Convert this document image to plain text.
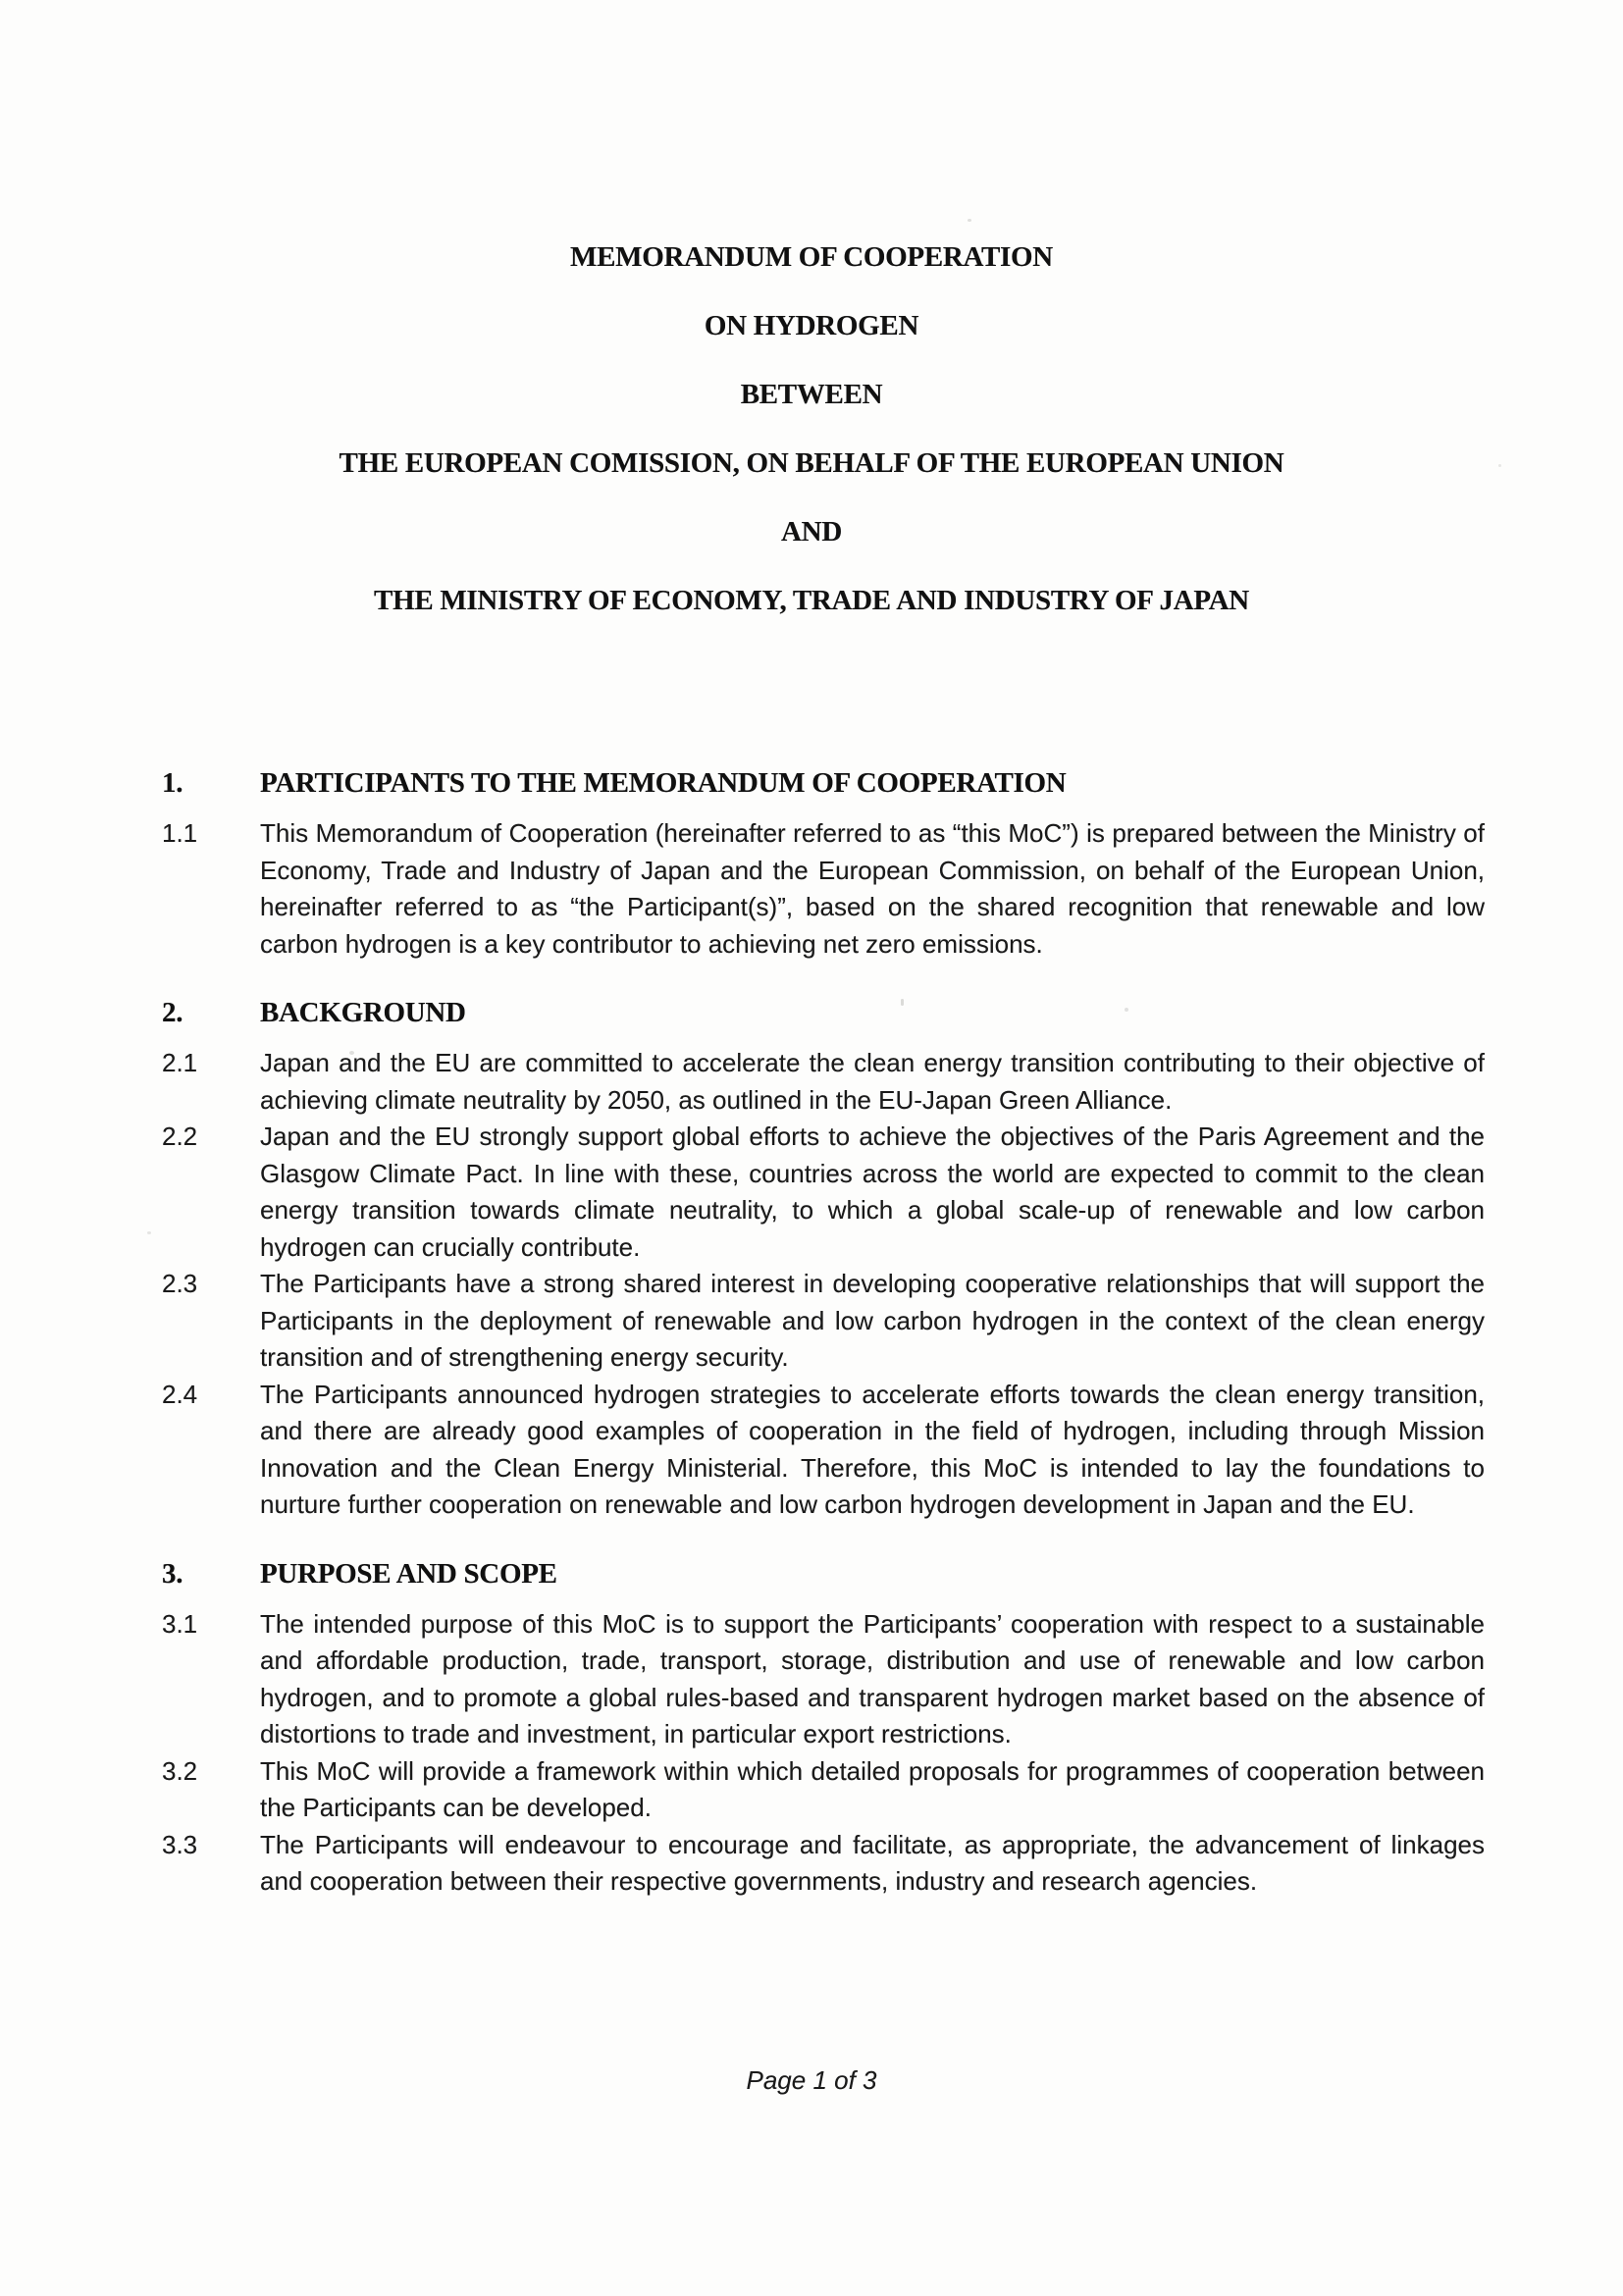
MEMORANDUM OF COOPERATION
ON HYDROGEN
BETWEEN
THE EUROPEAN COMISSION, ON BEHALF OF THE EUROPEAN UNION
AND
THE MINISTRY OF ECONOMY, TRADE AND INDUSTRY OF JAPAN
1.	PARTICIPANTS TO THE MEMORANDUM OF COOPERATION
1.1	This Memorandum of Cooperation (hereinafter referred to as “this MoC”) is prepared between the Ministry of Economy, Trade and Industry of Japan and the European Commission, on behalf of the European Union, hereinafter referred to as “the Participant(s)”, based on the shared recognition that renewable and low carbon hydrogen is a key contributor to achieving net zero emissions.
2.	BACKGROUND
2.1	Japan and the EU are committed to accelerate the clean energy transition contributing to their objective of achieving climate neutrality by 2050, as outlined in the EU-Japan Green Alliance.
2.2	Japan and the EU strongly support global efforts to achieve the objectives of the Paris Agreement and the Glasgow Climate Pact. In line with these, countries across the world are expected to commit to the clean energy transition towards climate neutrality, to which a global scale-up of renewable and low carbon hydrogen can crucially contribute.
2.3	The Participants have a strong shared interest in developing cooperative relationships that will support the Participants in the deployment of renewable and low carbon hydrogen in the context of the clean energy transition and of strengthening energy security.
2.4	The Participants announced hydrogen strategies to accelerate efforts towards the clean energy transition, and there are already good examples of cooperation in the field of hydrogen, including through Mission Innovation and the Clean Energy Ministerial. Therefore, this MoC is intended to lay the foundations to nurture further cooperation on renewable and low carbon hydrogen development in Japan and the EU.
3.	PURPOSE AND SCOPE
3.1	The intended purpose of this MoC is to support the Participants’ cooperation with respect to a sustainable and affordable production, trade, transport, storage, distribution and use of renewable and low carbon hydrogen, and to promote a global rules-based and transparent hydrogen market based on the absence of distortions to trade and investment, in particular export restrictions.
3.2	This MoC will provide a framework within which detailed proposals for programmes of cooperation between the Participants can be developed.
3.3	The Participants will endeavour to encourage and facilitate, as appropriate, the advancement of linkages and cooperation between their respective governments, industry and research agencies.
Page 1 of 3
